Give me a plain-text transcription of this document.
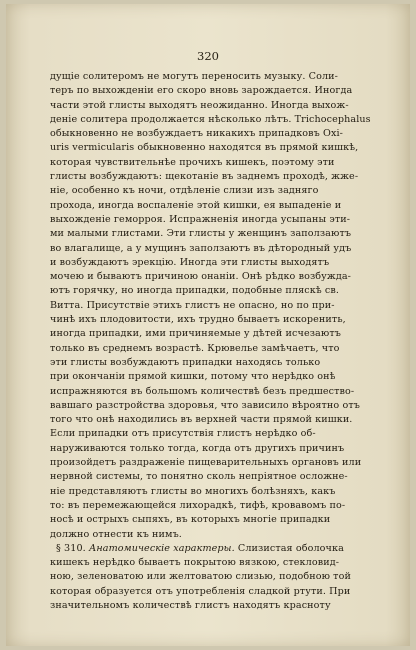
320
дущіе солитеромъ не могутъ переносить музыку. Соли-
теръ по выхожденіи его скоро вновь зарождается. Иногда
части этой глисты выходятъ неожиданно. Иногда выхож-
деніе солитера продолжается нѣсколько лѣтъ. Trichocephalus
обыкновенно не возбуждаетъ никакихъ припадковъ Oxi-
uris vermicularis обыкновенно находятся въ прямой кишкѣ,
которая чувствительнѣе прочихъ кишекъ, поэтому эти
глисты возбуждаютъ: щекотаніе въ заднемъ проходѣ, жже-
ніе, особенно къ ночи, отдѣленіе слизи изъ задняго
прохода, иногда воспаленіе этой кишки, ея выпаденіе и
выхожденіе геморроя. Испражненія иногда усыпаны эти-
ми малыми глистами. Эти глисты у женщинъ заползаютъ
во влагалище, а у мущинъ заползаютъ въ дѣтородный удъ
и возбуждаютъ эрекцію. Иногда эти глисты выходятъ
мочею и бываютъ причиною онаніи. Онѣ рѣдко возбужда-
ютъ горячку, но иногда припадки, подобные пляскѣ св.
Витта. Присутствіе этихъ глистъ не опасно, но по при-
чинѣ ихъ плодовитости, ихъ трудно бываетъ искоренить,
иногда припадки, ими причиняемые у дѣтей исчезаютъ
только въ среднемъ возрастѣ. Крювелье замѣчаетъ, что
эти глисты возбуждаютъ припадки находясь только
при окончаніи прямой кишки, потому что нерѣдко онѣ
испражняются въ большомъ количествѣ безъ предшество-
вавшаго разстройства здоровья, что зависило вѣроятно отъ
того что онѣ находились въ верхней части прямой кишки.
Если припадки отъ присутствія глистъ нерѣдко об-
наруживаются только тогда, когда отъ другихъ причинъ
произойдетъ раздраженіе пищеварительныхъ органовъ или
нервной системы, то понятно сколь непріятное осложне-
ніе представляютъ глисты во многихъ болѣзняхъ, какъ
то: въ перемежающейся лихорадкѣ, тифѣ, кровавомъ по-
носѣ и острыхъ сыпяхъ, въ которыхъ многіе припадки
должно отнести къ нимъ.
§ 310. Анатомическіе характеры. Слизистая оболочка
кишекъ нерѣдко бываетъ покрытою вязкою, стекловид-
ною, зеленоватою или желтоватою слизью, подобною той
которая образуется отъ употребленія сладкой ртути. При
значительномъ количествѣ глистъ находятъ краснoту
